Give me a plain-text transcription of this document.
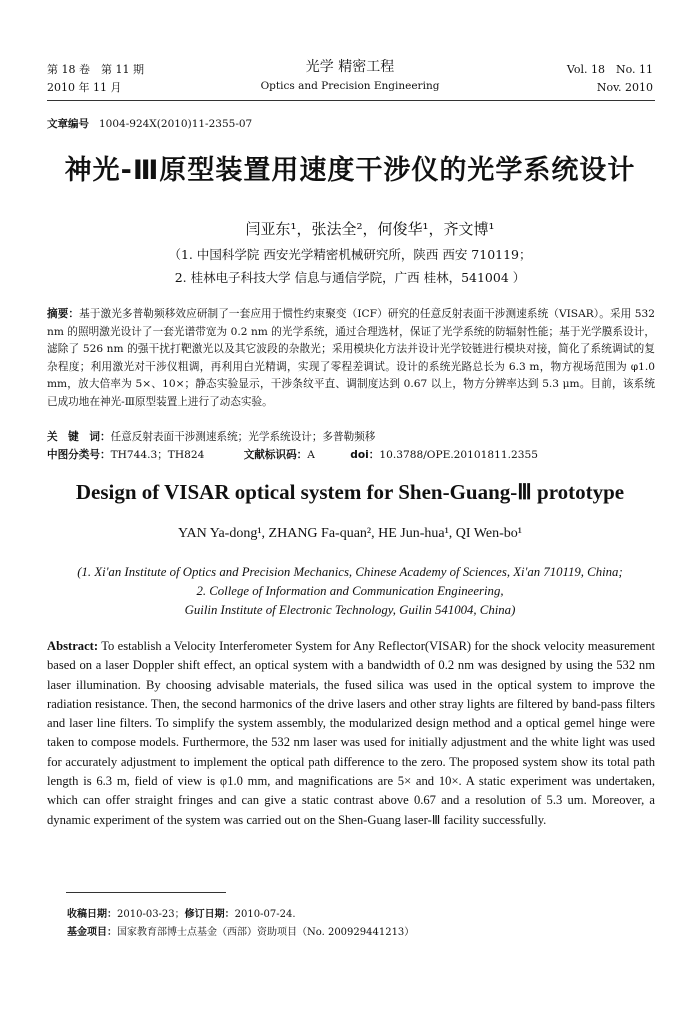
第 18 卷　第 11 期
2010 年 11 月
光学 精密工程
Optics and Precision Engineering
Vol. 18　No. 11
Nov. 2010
文章编号 1004-924X(2010)11-2355-07
神光-Ⅲ原型装置用速度干涉仪的光学系统设计
闫亚东¹，张法全²，何俊华¹，齐文博¹
（1. 中国科学院 西安光学精密机械研究所，陕西 西安 710119；
2. 桂林电子科技大学 信息与通信学院，广西 桂林，541004 ）
摘要：基于激光多普勒频移效应研制了一套应用于惯性约束聚变（ICF）研究的任意反射表面干涉测速系统（VISAR）。采用 532 nm 的照明激光设计了一套光谱带宽为 0.2 nm 的光学系统，通过合理选材，保证了光学系统的防辐射性能；基于光学膜系设计，滤除了 526 nm 的强干扰打靶激光以及其它波段的杂散光；采用模块化方法并设计光学铰链进行模块对接，简化了系统调试的复杂程度；利用激光对干涉仪粗调，再利用白光精调，实现了零程差调试。设计的系统光路总长为 6.3 m，物方视场范围为 φ1.0 mm，放大倍率为 5×、10×；静态实验显示，干涉条纹平直、调制度达到 0.67 以上，物方分辨率达到 5.3 μm。目前，该系统已成功地在神光-Ⅲ原型装置上进行了动态实验。
关　键　词：任意反射表面干涉测速系统；光学系统设计；多普勒频移
中图分类号：TH744.3；TH824	文献标识码：A	doi：10.3788/OPE.20101811.2355
Design of VISAR optical system for Shen-Guang-Ⅲ prototype
YAN Ya-dong¹, ZHANG Fa-quan², HE Jun-hua¹, QI Wen-bo¹
(1. Xi'an Institute of Optics and Precision Mechanics, Chinese Academy of Sciences, Xi'an 710119, China;
2. College of Information and Communication Engineering,
Guilin Institute of Electronic Technology, Guilin 541004, China)
Abstract: To establish a Velocity Interferometer System for Any Reflector(VISAR) for the shock velocity measurement based on a laser Doppler shift effect, an optical system with a bandwidth of 0.2 nm was designed by using the 532 nm laser illumination. By choosing advisable materials, the fused silica was used in the optical system to improve the radiation resistance. Then, the second harmonics of the drive lasers and other stray lights are filtered by band-pass filters and laser line filters. To simplify the system assembly, the modularized design method and a optical gemel hinge were taken to compose models. Furthermore, the 532 nm laser was used for initially adjustment and the white light was used for accurately adjustment to implement the optical path difference to the zero. The proposed system show its total path length is 6.3 m, field of view is φ1.0 mm, and magnifications are 5× and 10×. A static experiment was undertaken, which can offer straight fringes and can give a static contrast above 0.67 and a resolution of 5.3 um. Moreover, a dynamic experiment of the system was carried out on the Shen-Guang laser-Ⅲ facility successfully.
收稿日期：2010-03-23；修订日期：2010-07-24.
基金项目：国家教育部博士点基金（西部）资助项目（No. 200929441213）
